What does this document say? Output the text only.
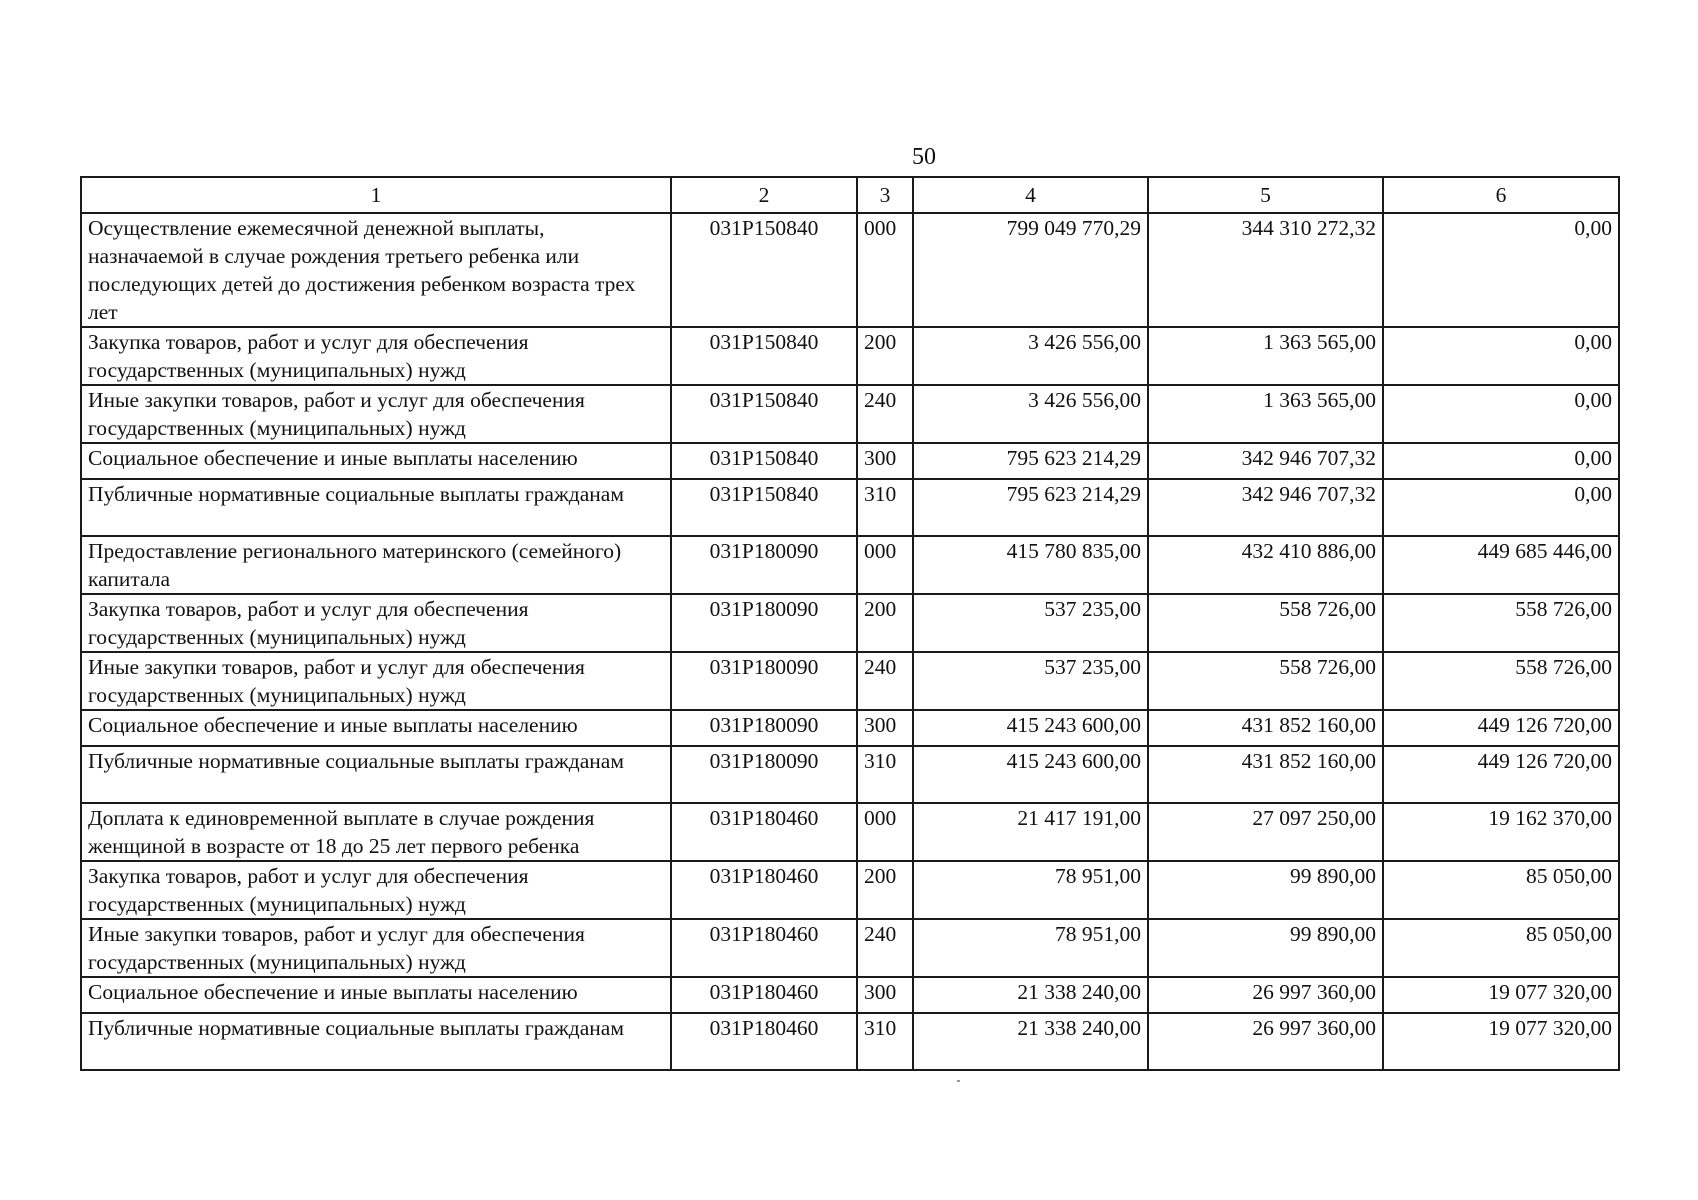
50
1	2	3	4	5	6
Осуществление ежемесячной денежной выплаты, назначаемой в случае рождения третьего ребенка или последующих детей до достижения ребенком возраста трех лет	031Р150840	000	799 049 770,29	344 310 272,32	0,00
Закупка товаров, работ и услуг для обеспечения государственных (муниципальных) нужд	031Р150840	200	3 426 556,00	1 363 565,00	0,00
Иные закупки товаров, работ и услуг для обеспечения государственных (муниципальных) нужд	031Р150840	240	3 426 556,00	1 363 565,00	0,00
Социальное обеспечение и иные выплаты населению	031Р150840	300	795 623 214,29	342 946 707,32	0,00
Публичные нормативные социальные выплаты гражданам	031Р150840	310	795 623 214,29	342 946 707,32	0,00
Предоставление регионального материнского (семейного) капитала	031Р180090	000	415 780 835,00	432 410 886,00	449 685 446,00
Закупка товаров, работ и услуг для обеспечения государственных (муниципальных) нужд	031Р180090	200	537 235,00	558 726,00	558 726,00
Иные закупки товаров, работ и услуг для обеспечения государственных (муниципальных) нужд	031Р180090	240	537 235,00	558 726,00	558 726,00
Социальное обеспечение и иные выплаты населению	031Р180090	300	415 243 600,00	431 852 160,00	449 126 720,00
Публичные нормативные социальные выплаты гражданам	031Р180090	310	415 243 600,00	431 852 160,00	449 126 720,00
Доплата к единовременной выплате в случае рождения женщиной в возрасте от 18 до 25 лет первого ребенка	031Р180460	000	21 417 191,00	27 097 250,00	19 162 370,00
Закупка товаров, работ и услуг для обеспечения государственных (муниципальных) нужд	031Р180460	200	78 951,00	99 890,00	85 050,00
Иные закупки товаров, работ и услуг для обеспечения государственных (муниципальных) нужд	031Р180460	240	78 951,00	99 890,00	85 050,00
Социальное обеспечение и иные выплаты населению	031Р180460	300	21 338 240,00	26 997 360,00	19 077 320,00
Публичные нормативные социальные выплаты гражданам	031Р180460	310	21 338 240,00	26 997 360,00	19 077 320,00
